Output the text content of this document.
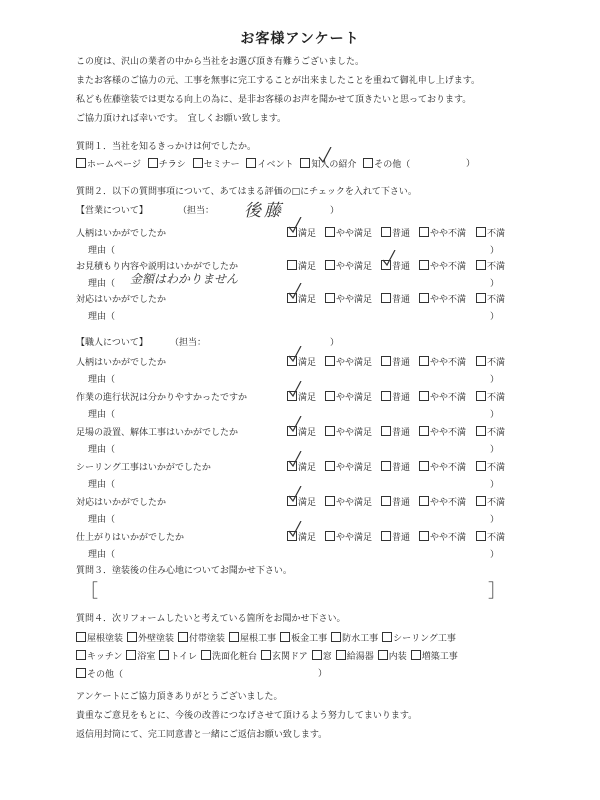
お客様アンケート
この度は、沢山の業者の中から当社をお選び頂き有難うございました。
またお客様のご協力の元、工事を無事に完工することが出来ましたことを重ねて御礼申し上げます。
私ども佐藤塗装では更なる向上の為に、是非お客様のお声を聞かせて頂きたいと思っております。
ご協力頂ければ幸いです。　宜しくお願い致します。
質問１．当社を知るきっかけは何でしたか。
ホームページ チラシ セミナー イベント 知人の紹介 その他（	）
質問２．以下の質問事項について、あてはまる評価の□にチェックを入れて下さい。
【営業について】	（担当： 後藤	）
人柄はいかがでしたか	満足	やや満足	普通	やや不満	不満
理由（	）
お見積もり内容や説明はいかがでしたか	満足	やや満足	普通	やや不満	不満
理由（	）
金額はわかりません
対応はいかがでしたか	満足	やや満足	普通	やや不満	不満
理由（	）
【職人について】 （担当：	）
人柄はいかがでしたか	満足	やや満足	普通	やや不満	不満
理由（	）
作業の進行状況は分かりやすかったですか	満足	やや満足	普通	やや不満	不満
理由（	）
足場の設置、解体工事はいかがでしたか	満足	やや満足	普通	やや不満	不満
理由（	）
シーリング工事はいかがでしたか	満足	やや満足	普通	やや不満	不満
理由（	）
対応はいかがでしたか	満足	やや満足	普通	やや不満	不満
理由（	）
仕上がりはいかがでしたか	満足	やや満足	普通	やや不満	不満
理由（	）
質問３．塗装後の住み心地についてお聞かせ下さい。
［	］
質問４．次リフォームしたいと考えている箇所をお聞かせ下さい。
屋根塗装 外壁塗装 付帯塗装 屋根工事 板金工事 防水工事 シーリング工事
キッチン 浴室 トイレ 洗面化粧台 玄関ドア 窓 給湯器 内装 増築工事
その他（	）
アンケートにご協力頂きありがとうございました。
貴重なご意見をもとに、今後の改善につなげさせて頂けるよう努力してまいります。
返信用封筒にて、完工同意書と一緒にご返信お願い致します。
